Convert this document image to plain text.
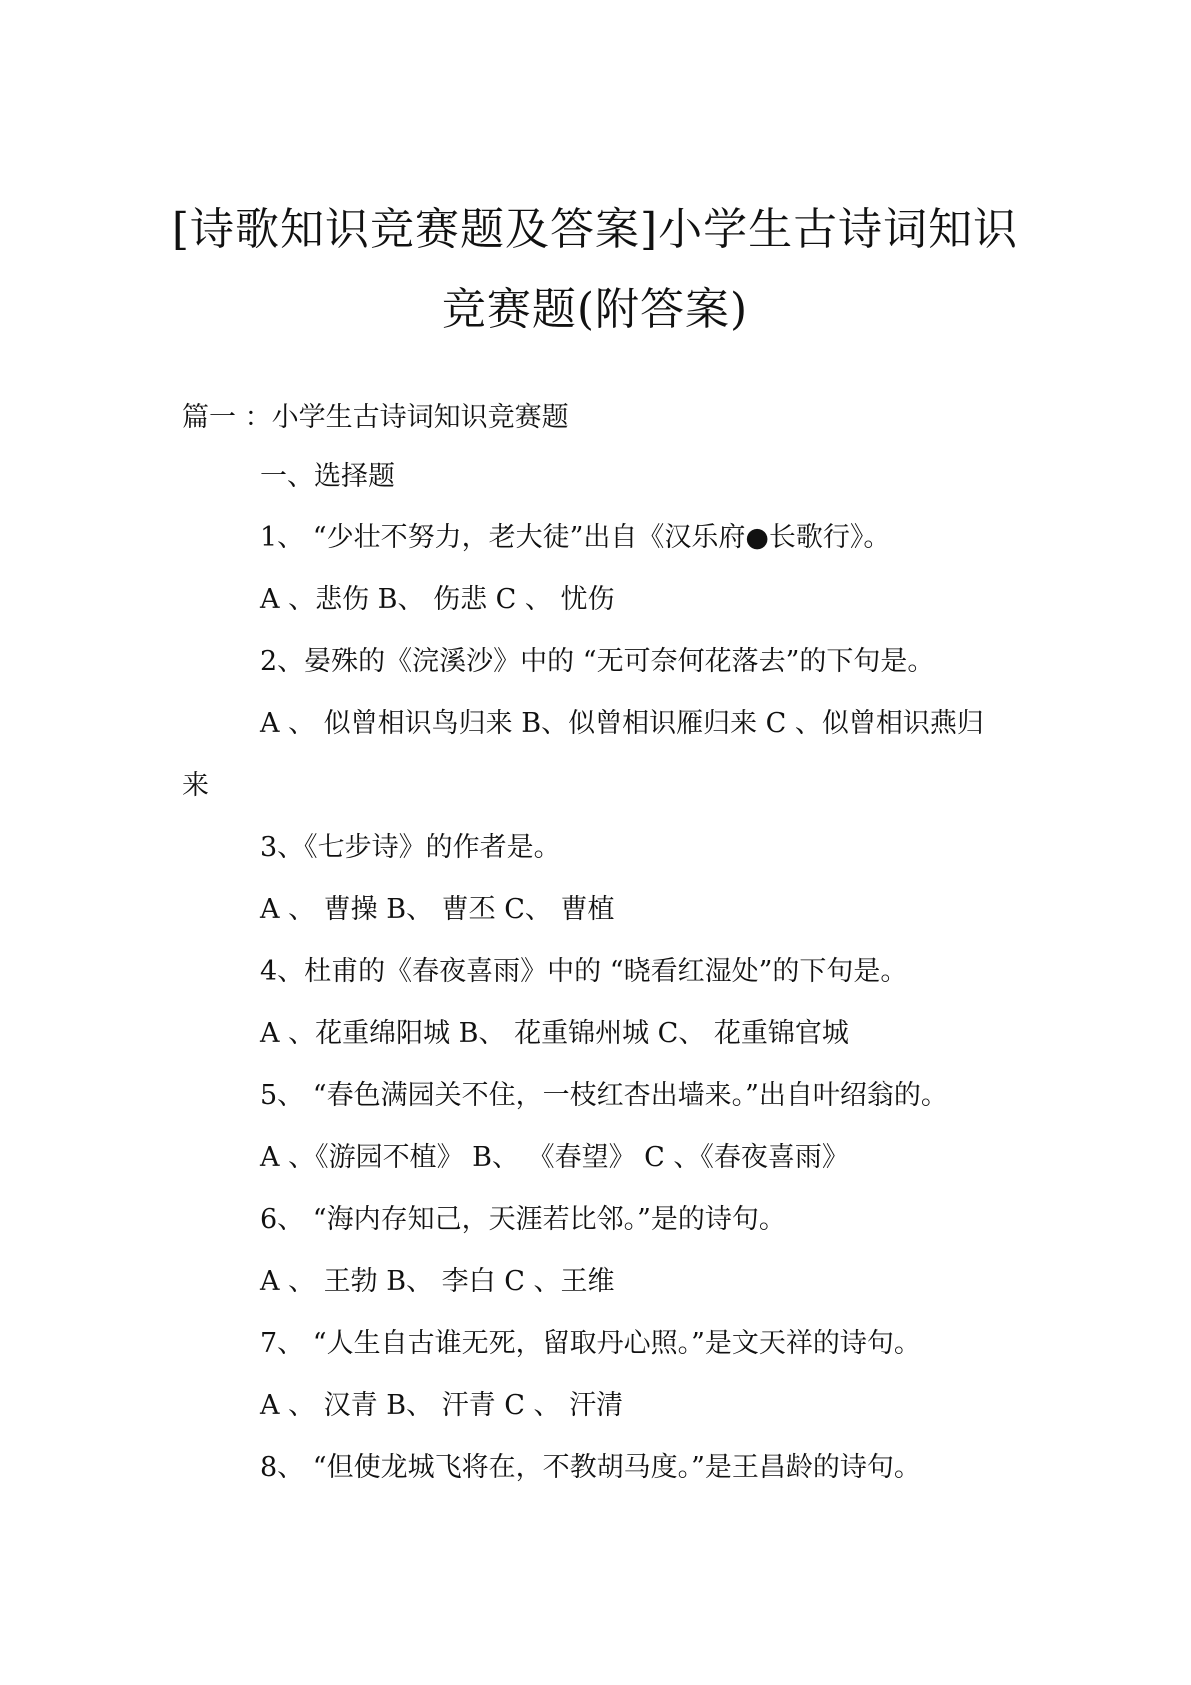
[诗歌知识竞赛题及答案]小学生古诗词知识
竞赛题(附答案)
篇一 ：小学生古诗词知识竞赛题

一、选择题

1、 “少壮不努力，老大徒”出自《汉乐府●长歌行》。

A 、悲伤 B、 伤悲 C 、 忧伤

2、晏殊的《浣溪沙》中的 “无可奈何花落去”的下句是。

A 、 似曾相识鸟归来 B、似曾相识雁归来 C 、似曾相识燕归

来

3、《七步诗》的作者是。

A 、 曹操 B、 曹丕 C、 曹植

4、杜甫的《春夜喜雨》中的 “晓看红湿处”的下句是。

A 、花重绵阳城 B、 花重锦州城 C、 花重锦官城

5、 “春色满园关不住，一枝红杏出墙来。”出自叶绍翁的。

A 、《游园不植》 B、 《春望》 C 、《春夜喜雨》

6、 “海内存知己，天涯若比邻。”是的诗句。

A 、 王勃 B、 李白 C 、王维

7、 “人生自古谁无死，留取丹心照。”是文天祥的诗句。

A 、 汉青 B、 汗青 C 、 汗清

8、 “但使龙城飞将在，不教胡马度。”是王昌龄的诗句。
